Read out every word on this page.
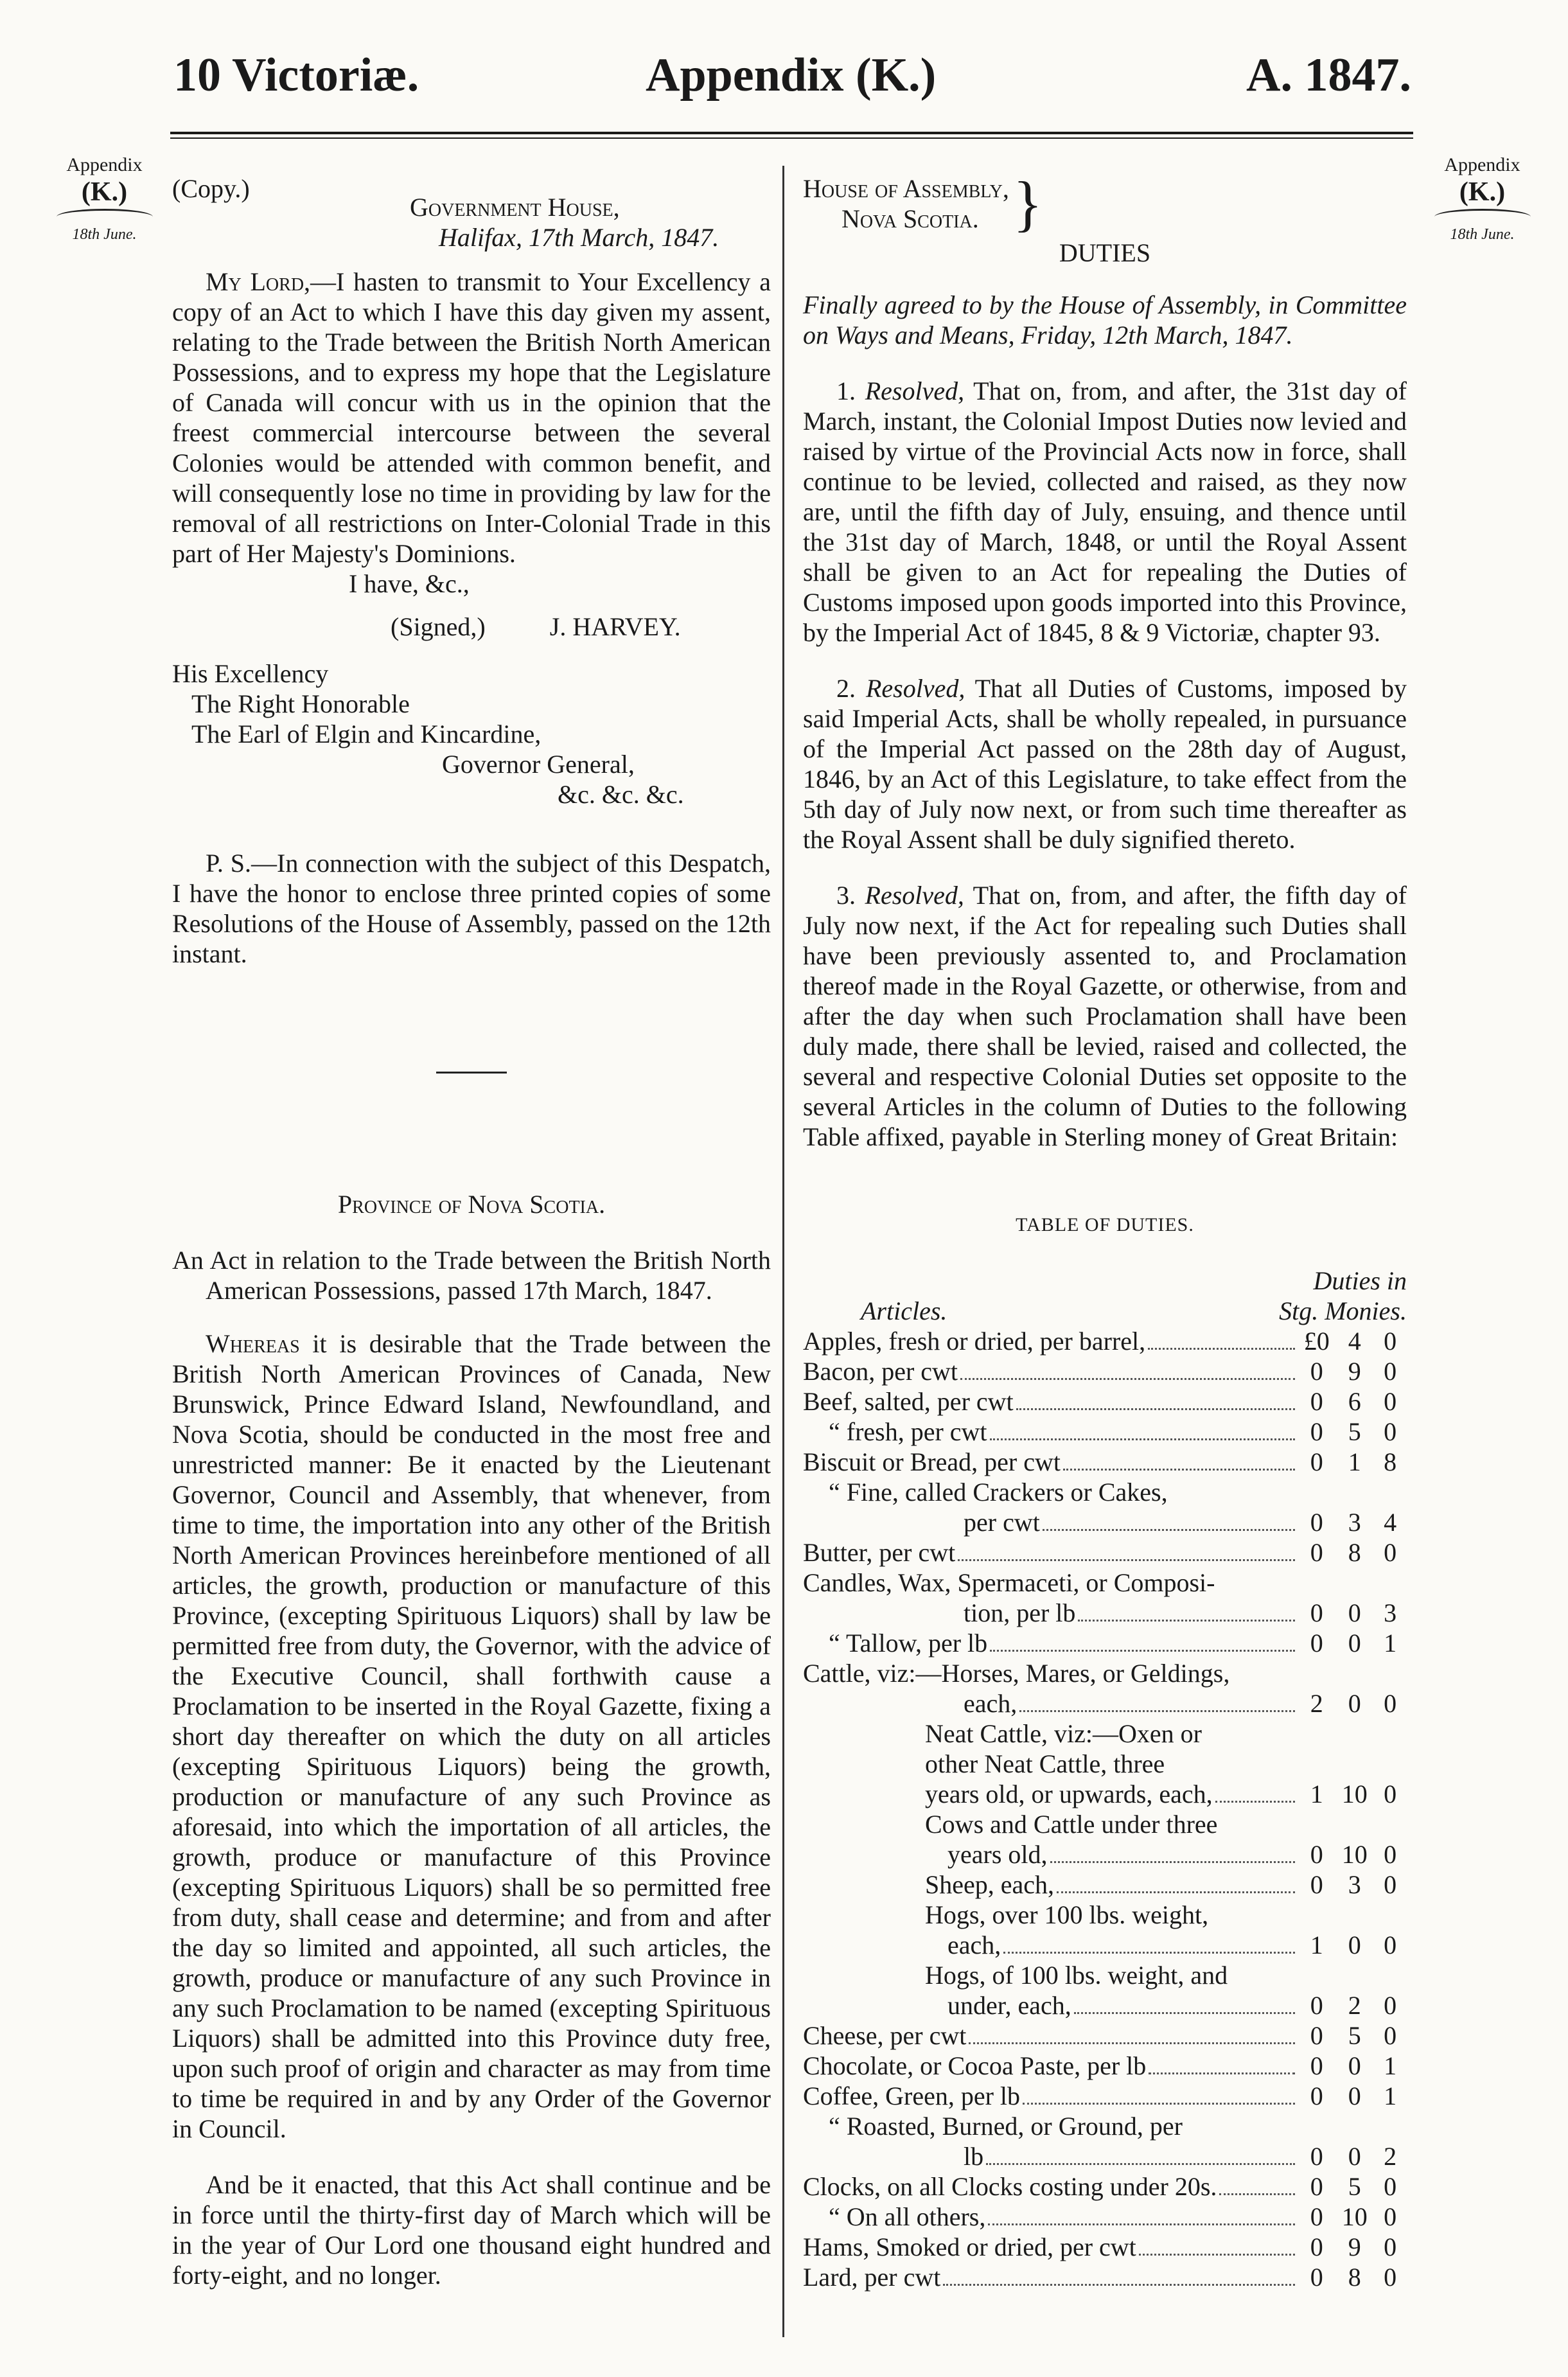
10 Victoriæ.	Appendix (K.)	A. 1847.
Appendix
(K.)
18th June.
Appendix
(K.)
18th June.
(Copy.)
Government House,
Halifax, 17th March, 1847.

My Lord,—I hasten to transmit to Your Excellency a copy of an Act to which I have this day given my assent, relating to the Trade between the British North American Possessions, and to express my hope that the Legislature of Canada will concur with us in the opinion that the freest commercial intercourse between the several Colonies would be attended with common benefit, and will consequently lose no time in providing by law for the removal of all restrictions on Inter-Colonial Trade in this part of Her Majesty's Dominions.

I have, &c.,
(Signed,)	J. HARVEY.
His Excellency
The Right Honorable
The Earl of Elgin and Kincardine,
Governor General,
&c. &c. &c.

P. S.—In connection with the subject of this Despatch, I have the honor to enclose three printed copies of some Resolutions of the House of Assembly, passed on the 12th instant.

Province of Nova Scotia.

An Act in relation to the Trade between the British North American Possessions, passed 17th March, 1847.

Whereas it is desirable that the Trade between the British North American Provinces of Canada, New Brunswick, Prince Edward Island, Newfoundland, and Nova Scotia, should be conducted in the most free and unrestricted manner: Be it enacted by the Lieutenant Governor, Council and Assembly, that whenever, from time to time, the importation into any other of the British North American Provinces hereinbefore mentioned of all articles, the growth, production or manufacture of this Province, (excepting Spirituous Liquors) shall by law be permitted free from duty, the Governor, with the advice of the Executive Council, shall forthwith cause a Proclamation to be inserted in the Royal Gazette, fixing a short day thereafter on which the duty on all articles (excepting Spirituous Liquors) being the growth, production or manufacture of any such Province as aforesaid, into which the importation of all articles, the growth, produce or manufacture of this Province (excepting Spirituous Liquors) shall be so permitted free from duty, shall cease and determine; and from and after the day so limited and appointed, all such articles, the growth, produce or manufacture of any such Province in any such Proclamation to be named (excepting Spirituous Liquors) shall be admitted into this Province duty free, upon such proof of origin and character as may from time to time be required in and by any Order of the Governor in Council.

And be it enacted, that this Act shall continue and be in force until the thirty-first day of March which will be in the year of Our Lord one thousand eight hundred and forty-eight, and no longer.

House of Assembly,
Nova Scotia. }
DUTIES

Finally agreed to by the House of Assembly, in Committee on Ways and Means, Friday, 12th March, 1847.

1. Resolved, That on, from, and after, the 31st day of March, instant, the Colonial Impost Duties now levied and raised by virtue of the Provincial Acts now in force, shall continue to be levied, collected and raised, as they now are, until the fifth day of July, ensuing, and thence until the 31st day of March, 1848, or until the Royal Assent shall be given to an Act for repealing the Duties of Customs imposed upon goods imported into this Province, by the Imperial Act of 1845, 8 & 9 Victoriæ, chapter 93.

2. Resolved, That all Duties of Customs, imposed by said Imperial Acts, shall be wholly repealed, in pursuance of the Imperial Act passed on the 28th day of August, 1846, by an Act of this Legislature, to take effect from the 5th day of July now next, or from such time thereafter as the Royal Assent shall be duly signified thereto.

3. Resolved, That on, from, and after, the fifth day of July now next, if the Act for repealing such Duties shall have been previously assented to, and Proclamation thereof made in the Royal Gazette, or otherwise, from and after the day when such Proclamation shall have been duly made, there shall be levied, raised and collected, the several and respective Colonial Duties set opposite to the several Articles in the column of Duties to the following Table affixed, payable in Sterling money of Great Britain:

TABLE OF DUTIES.
Articles.
Duties in
Stg. Monies.
Apples, fresh or dried, per barrel,	£0	4	0

Bacon, per cwt	0	9	0

Beef, salted, per cwt	0	6	0

“ fresh, per cwt	0	5	0

Biscuit or Bread, per cwt	0	1	8

“ Fine, called Crackers or Cakes,			

per cwt	0	3	4

Butter, per cwt	0	8	0

Candles, Wax, Spermaceti, or Composi-			

tion, per lb	0	0	3

“ Tallow, per lb	0	0	1

Cattle, viz:—Horses, Mares, or Geldings,			

each,	2	0	0

Neat Cattle, viz:—Oxen or			

other Neat Cattle, three			

years old, or upwards, each,	1	10	0

Cows and Cattle under three			

years old,	0	10	0

Sheep, each,	0	3	0

Hogs, over 100 lbs. weight,			

each,	1	0	0

Hogs, of 100 lbs. weight, and			

under, each,	0	2	0

Cheese, per cwt	0	5	0

Chocolate, or Cocoa Paste, per lb	0	0	1

Coffee, Green, per lb	0	0	1

“ Roasted, Burned, or Ground, per			

lb	0	0	2

Clocks, on all Clocks costing under 20s.	0	5	0

“ On all others,	0	10	0

Hams, Smoked or dried, per cwt	0	9	0

Lard, per cwt	0	8	0
